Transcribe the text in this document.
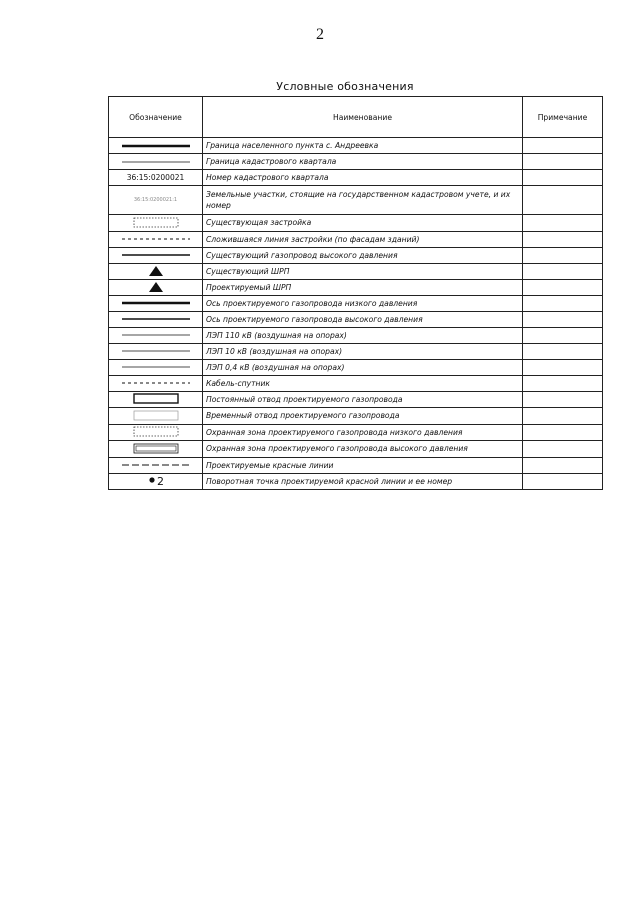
2
Условные обозначения
Обозначение	Наименование	Примечание

	Граница населенного пункта с. Андреевка	

	Граница кадастрового квартала	

36:15:0200021	Номер кадастрового квартала	

36:15:0200021:1	Земельные участки, стоящие на государственном кадастровом учете, и их номер	

	Существующая застройка	

	Сложившаяся линия застройки (по фасадам зданий)	

	Существующий газопровод высокого давления	

	Существующий ШРП	

	Проектируемый ШРП	

	Ось проектируемого газопровода низкого давления	

	Ось проектируемого газопровода высокого давления	

	ЛЭП 110 кВ (воздушная на опорах)	

	ЛЭП 10 кВ (воздушная на опорах)	

	ЛЭП 0,4 кВ (воздушная на опорах)	

	Кабель-спутник	

	Постоянный отвод проектируемого газопровода	

	Временный отвод проектируемого газопровода	

	Охранная зона проектируемого газопровода низкого давления	

	Охранная зона проектируемого газопровода высокого давления	

	Проектируемые красные линии	

2	Поворотная точка проектируемой красной линии и ее номер	
